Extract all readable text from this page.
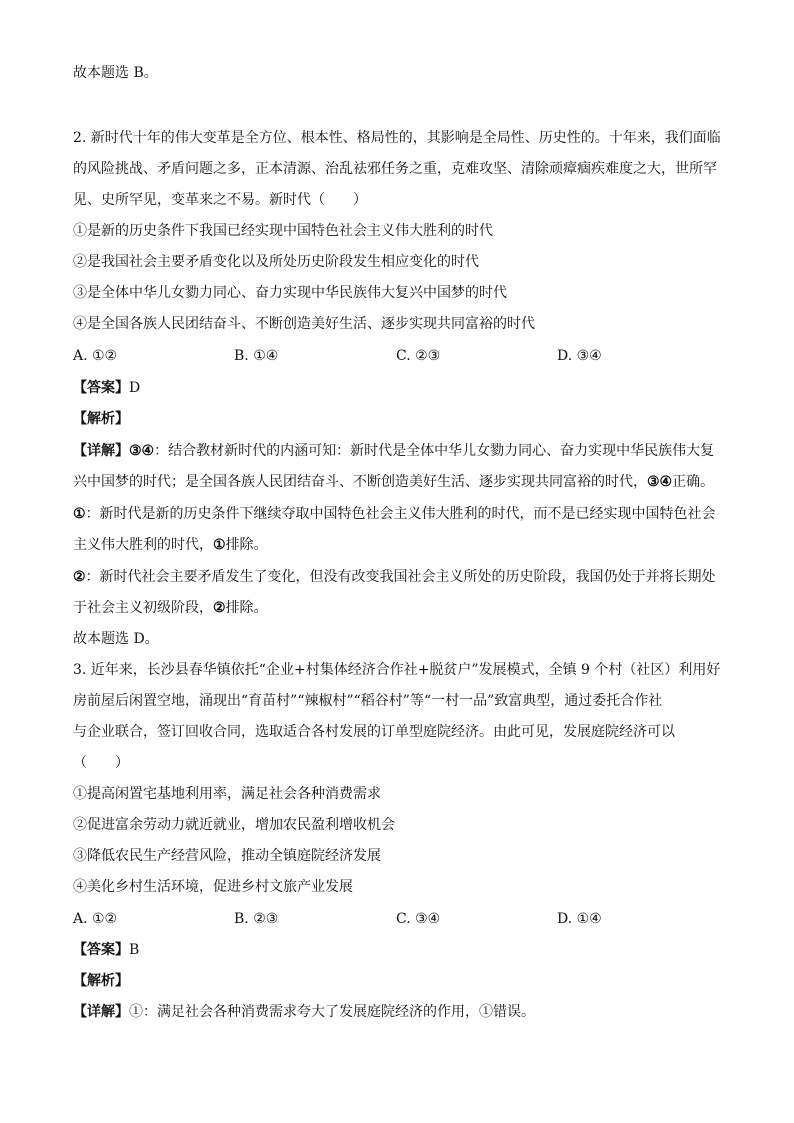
故本题选 B。
2. 新时代十年的伟大变革是全方位、根本性、格局性的，其影响是全局性、历史性的。十年来，我们面临
的风险挑战、矛盾问题之多，正本清源、治乱祛邪任务之重，克难攻坚、清除顽瘴痼疾难度之大，世所罕
见、史所罕见，变革来之不易。新时代（　　）
①是新的历史条件下我国已经实现中国特色社会主义伟大胜利的时代
②是我国社会主要矛盾变化以及所处历史阶段发生相应变化的时代
③是全体中华儿女勠力同心、奋力实现中华民族伟大复兴中国梦的时代
④是全国各族人民团结奋斗、不断创造美好生活、逐步实现共同富裕的时代
A. ①②	B. ①④	C. ②③	D. ③④
【答案】D
【解析】
【详解】③④：结合教材新时代的内涵可知：新时代是全体中华儿女勠力同心、奋力实现中华民族伟大复
兴中国梦的时代；是全国各族人民团结奋斗、不断创造美好生活、逐步实现共同富裕的时代，③④正确。
①：新时代是新的历史条件下继续夺取中国特色社会主义伟大胜利的时代，而不是已经实现中国特色社会
主义伟大胜利的时代，①排除。
②：新时代社会主要矛盾发生了变化，但没有改变我国社会主义所处的历史阶段，我国仍处于并将长期处
于社会主义初级阶段，②排除。
故本题选 D。
3. 近年来，长沙县春华镇依托“企业+村集体经济合作社+脱贫户”发展模式，全镇 9 个村（社区）利用好
房前屋后闲置空地，涌现出“育苗村”“辣椒村”“稻谷村”等“一村一品”致富典型，通过委托合作社
与企业联合，签订回收合同，选取适合各村发展的订单型庭院经济。由此可见，发展庭院经济可以
（　　）
①提高闲置宅基地利用率，满足社会各种消费需求
②促进富余劳动力就近就业，增加农民盈利增收机会
③降低农民生产经营风险，推动全镇庭院经济发展
④美化乡村生活环境，促进乡村文旅产业发展
A. ①②	B. ②③	C. ③④	D. ①④
【答案】B
【解析】
【详解】①：满足社会各种消费需求夸大了发展庭院经济的作用，①错误。
